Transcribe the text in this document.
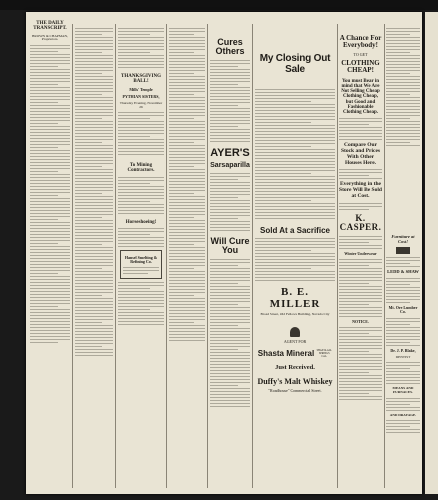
THE DAILY TRANSCRIPT.
BROWN & CHAPMAN, Proprietors.
THANKSGIVING BALL!
Mills' Temple
PYTHIAN SISTERS,
Thursday Evening, November 26
To Mining Contractors.
Horseshoeing!
Hansel Smelting & Refining Co.
Cures Others
AYER'S
Sarsaparilla
Will Cure You
My Closing Out Sale
Sold At a Sacrifice
B. E. MILLER
Broad Street, Old Fellows Building, Nevada City
AGENT FOR
Shasta Mineral SHASTA ALL SPRINGS CAL.
Just Received.
Duffy's Malt Whiskey
"Roadhouse" Commercial Street.
A Chance For Everybody!
TO GET
CLOTHING CHEAP!
You must Bear in mind that We Are Not Selling Cheap Clothing Cheap, but Good and Fashionable Clothing Cheap.
Compare Our Stock and Prices With Other Houses Here.
Everything in the Store Will Be Sold at Cost.
K. CASPER.
Winter Underwear
NOTICE.
Furniture at Cost!
LEDD & SHAW
Mt. Ore Lumber Co.
Dr. J. P. Blake,
DENTIST
MEANS AND FURNACES.
AND DRAYAGE.
